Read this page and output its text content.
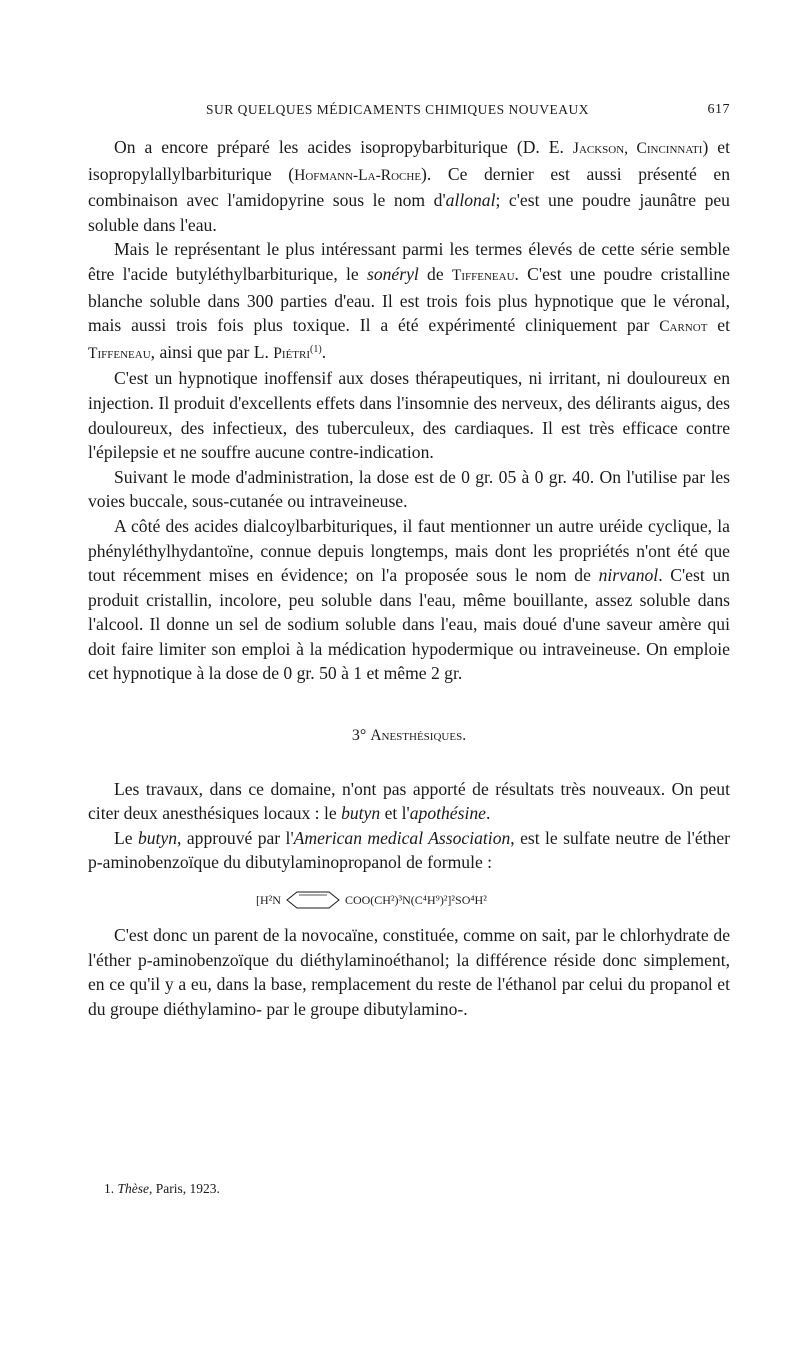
SUR QUELQUES MÉDICAMENTS CHIMIQUES NOUVEAUX	617

On a encore préparé les acides isopropybarbiturique (D. E. Jackson, Cincinnati) et isopropylallylbarbiturique (Hofmann-La-Roche). Ce dernier est aussi présenté en combinaison avec l'amidopyrine sous le nom d'allonal; c'est une poudre jaunâtre peu soluble dans l'eau.

Mais le représentant le plus intéressant parmi les termes élevés de cette série semble être l'acide butyléthylbarbiturique, le sonéryl de Tiffeneau. C'est une poudre cristalline blanche soluble dans 300 parties d'eau. Il est trois fois plus hypnotique que le véronal, mais aussi trois fois plus toxique. Il a été expérimenté cliniquement par Carnot et Tiffeneau, ainsi que par L. Piétri$^{(1)}$.

C'est un hypnotique inoffensif aux doses thérapeutiques, ni irritant, ni douloureux en injection. Il produit d'excellents effets dans l'insomnie des nerveux, des délirants aigus, des douloureux, des infectieux, des tuberculeux, des cardiaques. Il est très efficace contre l'épilepsie et ne souffre aucune contre-indication.

Suivant le mode d'administration, la dose est de 0 gr. 05 à 0 gr. 40. On l'utilise par les voies buccale, sous-cutanée ou intraveineuse.

A côté des acides dialcoylbarbituriques, il faut mentionner un autre uréide cyclique, la phényléthylhydantoïne, connue depuis longtemps, mais dont les propriétés n'ont été que tout récemment mises en évidence; on l'a proposée sous le nom de nirvanol. C'est un produit cristallin, incolore, peu soluble dans l'eau, même bouillante, assez soluble dans l'alcool. Il donne un sel de sodium soluble dans l'eau, mais doué d'une saveur amère qui doit faire limiter son emploi à la médication hypodermique ou intraveineuse. On emploie cet hypnotique à la dose de 0 gr. 50 à 1 et même 2 gr.

3° Anesthésiques.

Les travaux, dans ce domaine, n'ont pas apporté de résultats très nouveaux. On peut citer deux anesthésiques locaux : le butyn et l'apothésine.

Le butyn, approuvé par l'American medical Association, est le sulfate neutre de l'éther p-aminobenzoïque du dibutylaminopropanol de formule :

[H²N	COO(CH²)³N(C⁴H⁹)²]²SO⁴H²

C'est donc un parent de la novocaïne, constituée, comme on sait, par le chlorhydrate de l'éther p-aminobenzoïque du diéthylaminoéthanol; la différence réside donc simplement, en ce qu'il y a eu, dans la base, remplacement du reste de l'éthanol par celui du propanol et du groupe diéthylamino- par le groupe dibutylamino-.

1. Thèse, Paris, 1923.
